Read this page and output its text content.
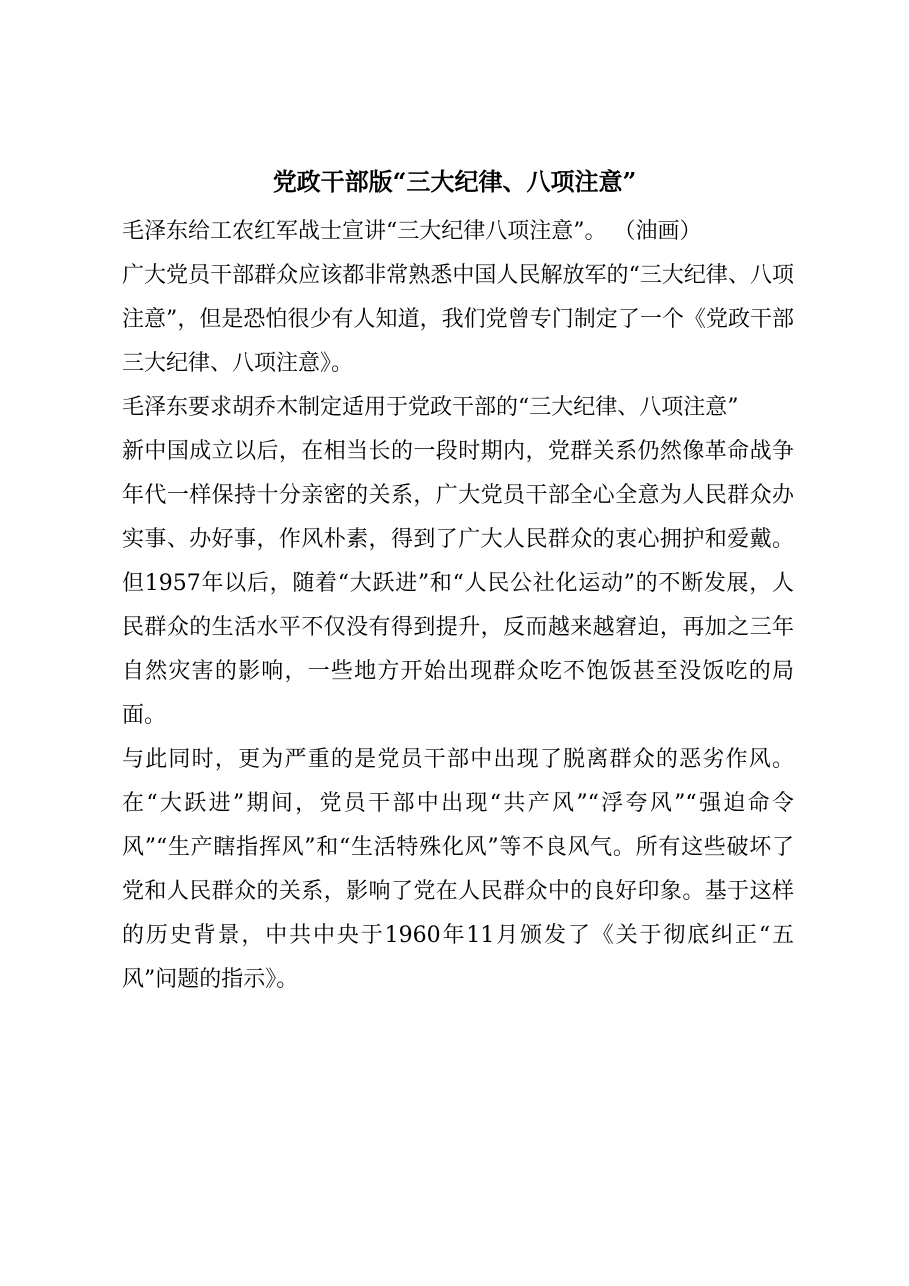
党政干部版“三大纪律、八项注意”

毛泽东给工农红军战士宣讲“三大纪律八项注意”。 （油画）

广大党员干部群众应该都非常熟悉中国人民解放军的“三大纪律、八项注意”，但是恐怕很少有人知道，我们党曾专门制定了一个《党政干部三大纪律、八项注意》。

毛泽东要求胡乔木制定适用于党政干部的“三大纪律、八项注意”

新中国成立以后，在相当长的一段时期内，党群关系仍然像革命战争年代一样保持十分亲密的关系，广大党员干部全心全意为人民群众办实事、办好事，作风朴素，得到了广大人民群众的衷心拥护和爱戴。但1957年以后，随着“大跃进”和“人民公社化运动”的不断发展，人民群众的生活水平不仅没有得到提升，反而越来越窘迫，再加之三年自然灾害的影响，一些地方开始出现群众吃不饱饭甚至没饭吃的局面。

与此同时，更为严重的是党员干部中出现了脱离群众的恶劣作风。在“大跃进”期间，党员干部中出现“共产风”“浮夸风”“强迫命令风”“生产瞎指挥风”和“生活特殊化风”等不良风气。所有这些破坏了党和人民群众的关系，影响了党在人民群众中的良好印象。基于这样的历史背景，中共中央于1960年11月颁发了《关于彻底纠正“五风”问题的指示》。
